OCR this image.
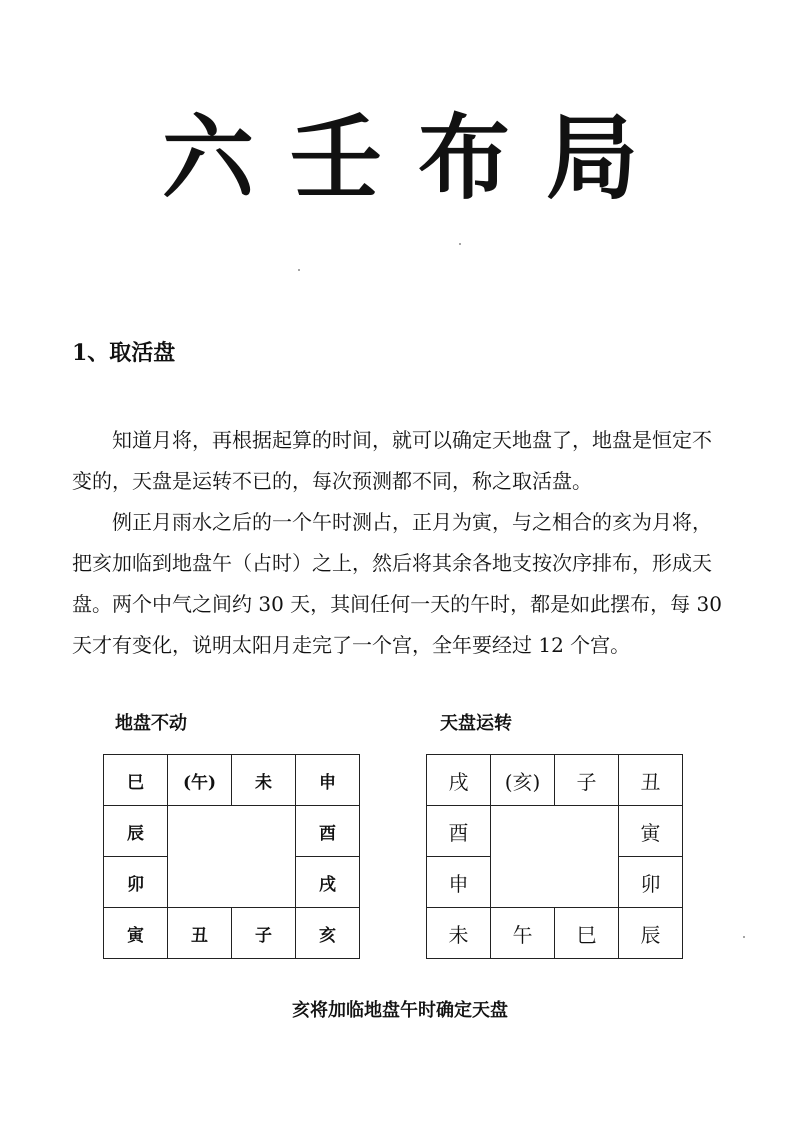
六壬布局
1、取活盘

知道月将，再根据起算的时间，就可以确定天地盘了，地盘是恒定不变的，天盘是运转不已的，每次预测都不同，称之取活盘。

例正月雨水之后的一个午时测占，正月为寅，与之相合的亥为月将，把亥加临到地盘午（占时）之上，然后将其余各地支按次序排布，形成天盘。两个中气之间约 30 天，其间任何一天的午时，都是如此摆布，每 30 天才有变化，说明太阳月走完了一个宫，全年要经过 12 个宫。

地盘不动	天盘运转
巳	(午)	未	申
辰			酉
卯			戌
寅	丑	子	亥
戌	(亥)	子	丑
酉			寅
申			卯
未	午	巳	辰
亥将加临地盘午时确定天盘
